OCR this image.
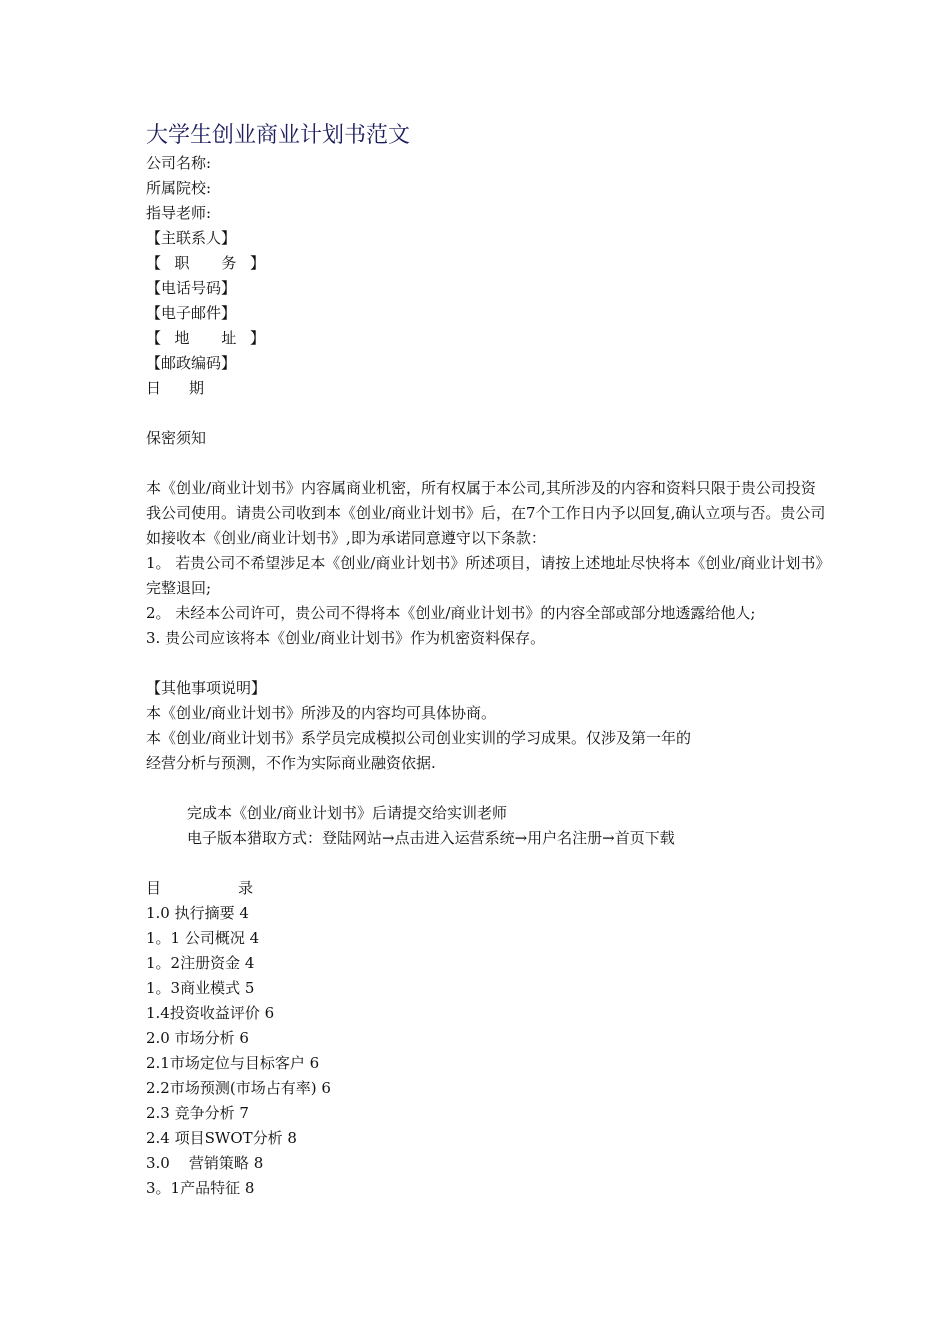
大学生创业商业计划书范文
公司名称:
所属院校:
指导老师:
【主联系人】
【职 务】
【电话号码】
【电子邮件】
【地 址】
【邮政编码】
日 期
保密须知
本《创业/商业计划书》内容属商业机密，所有权属于本公司,其所涉及的内容和资料只限于贵公司投资我公司使用。请贵公司收到本《创业/商业计划书》后，在7个工作日内予以回复,确认立项与否。贵公司如接收本《创业/商业计划书》,即为承诺同意遵守以下条款：
1。 若贵公司不希望涉足本《创业/商业计划书》所述项目，请按上述地址尽快将本《创业/商业计划书》完整退回;
2。 未经本公司许可，贵公司不得将本《创业/商业计划书》的内容全部或部分地透露给他人;
3. 贵公司应该将本《创业/商业计划书》作为机密资料保存。
【其他事项说明】
本《创业/商业计划书》所涉及的内容均可具体协商。
本《创业/商业计划书》系学员完成模拟公司创业实训的学习成果。仅涉及第一年的
经营分析与预测，不作为实际商业融资依据.
完成本《创业/商业计划书》后请提交给实训老师
电子版本猎取方式：登陆网站→点击进入运营系统→用户名注册→首页下载
目 录
1.0 执行摘要 4
1。1 公司概况 4
1。2注册资金 4
1。3商业模式 5
1.4投资收益评价 6
2.0 市场分析 6
2.1市场定位与目标客户 6
2.2市场预测(市场占有率) 6
2.3 竞争分析 7
2.4 项目SWOT分析 8
3.0    营销策略 8
3。1产品特征 8
